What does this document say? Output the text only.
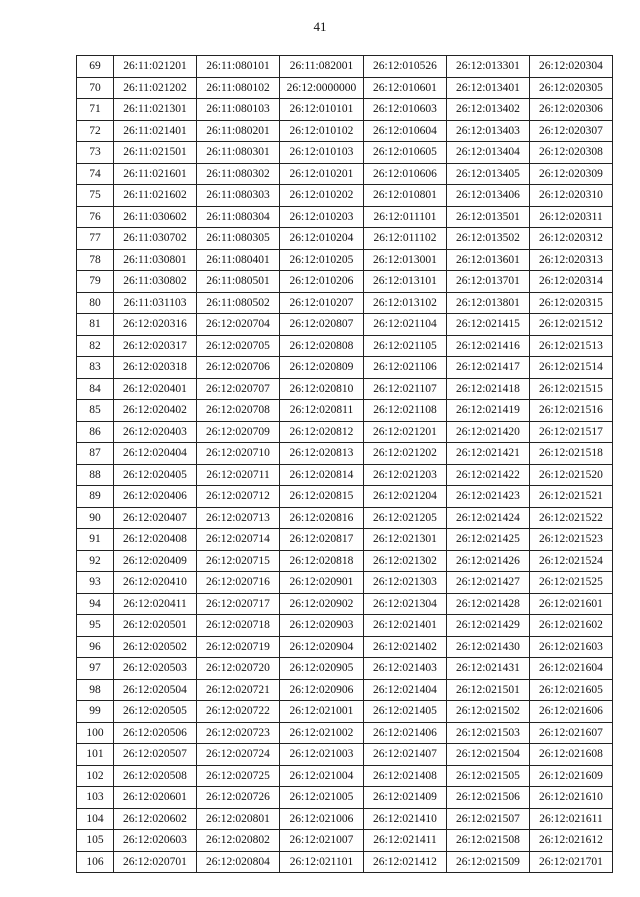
41
69	26:11:021201	26:11:080101	26:11:082001	26:12:010526	26:12:013301	26:12:020304
70	26:11:021202	26:11:080102	26:12:0000000	26:12:010601	26:12:013401	26:12:020305
71	26:11:021301	26:11:080103	26:12:010101	26:12:010603	26:12:013402	26:12:020306
72	26:11:021401	26:11:080201	26:12:010102	26:12:010604	26:12:013403	26:12:020307
73	26:11:021501	26:11:080301	26:12:010103	26:12:010605	26:12:013404	26:12:020308
74	26:11:021601	26:11:080302	26:12:010201	26:12:010606	26:12:013405	26:12:020309
75	26:11:021602	26:11:080303	26:12:010202	26:12:010801	26:12:013406	26:12:020310
76	26:11:030602	26:11:080304	26:12:010203	26:12:011101	26:12:013501	26:12:020311
77	26:11:030702	26:11:080305	26:12:010204	26:12:011102	26:12:013502	26:12:020312
78	26:11:030801	26:11:080401	26:12:010205	26:12:013001	26:12:013601	26:12:020313
79	26:11:030802	26:11:080501	26:12:010206	26:12:013101	26:12:013701	26:12:020314
80	26:11:031103	26:11:080502	26:12:010207	26:12:013102	26:12:013801	26:12:020315
81	26:12:020316	26:12:020704	26:12:020807	26:12:021104	26:12:021415	26:12:021512
82	26:12:020317	26:12:020705	26:12:020808	26:12:021105	26:12:021416	26:12:021513
83	26:12:020318	26:12:020706	26:12:020809	26:12:021106	26:12:021417	26:12:021514
84	26:12:020401	26:12:020707	26:12:020810	26:12:021107	26:12:021418	26:12:021515
85	26:12:020402	26:12:020708	26:12:020811	26:12:021108	26:12:021419	26:12:021516
86	26:12:020403	26:12:020709	26:12:020812	26:12:021201	26:12:021420	26:12:021517
87	26:12:020404	26:12:020710	26:12:020813	26:12:021202	26:12:021421	26:12:021518
88	26:12:020405	26:12:020711	26:12:020814	26:12:021203	26:12:021422	26:12:021520
89	26:12:020406	26:12:020712	26:12:020815	26:12:021204	26:12:021423	26:12:021521
90	26:12:020407	26:12:020713	26:12:020816	26:12:021205	26:12:021424	26:12:021522
91	26:12:020408	26:12:020714	26:12:020817	26:12:021301	26:12:021425	26:12:021523
92	26:12:020409	26:12:020715	26:12:020818	26:12:021302	26:12:021426	26:12:021524
93	26:12:020410	26:12:020716	26:12:020901	26:12:021303	26:12:021427	26:12:021525
94	26:12:020411	26:12:020717	26:12:020902	26:12:021304	26:12:021428	26:12:021601
95	26:12:020501	26:12:020718	26:12:020903	26:12:021401	26:12:021429	26:12:021602
96	26:12:020502	26:12:020719	26:12:020904	26:12:021402	26:12:021430	26:12:021603
97	26:12:020503	26:12:020720	26:12:020905	26:12:021403	26:12:021431	26:12:021604
98	26:12:020504	26:12:020721	26:12:020906	26:12:021404	26:12:021501	26:12:021605
99	26:12:020505	26:12:020722	26:12:021001	26:12:021405	26:12:021502	26:12:021606
100	26:12:020506	26:12:020723	26:12:021002	26:12:021406	26:12:021503	26:12:021607
101	26:12:020507	26:12:020724	26:12:021003	26:12:021407	26:12:021504	26:12:021608
102	26:12:020508	26:12:020725	26:12:021004	26:12:021408	26:12:021505	26:12:021609
103	26:12:020601	26:12:020726	26:12:021005	26:12:021409	26:12:021506	26:12:021610
104	26:12:020602	26:12:020801	26:12:021006	26:12:021410	26:12:021507	26:12:021611
105	26:12:020603	26:12:020802	26:12:021007	26:12:021411	26:12:021508	26:12:021612
106	26:12:020701	26:12:020804	26:12:021101	26:12:021412	26:12:021509	26:12:021701
